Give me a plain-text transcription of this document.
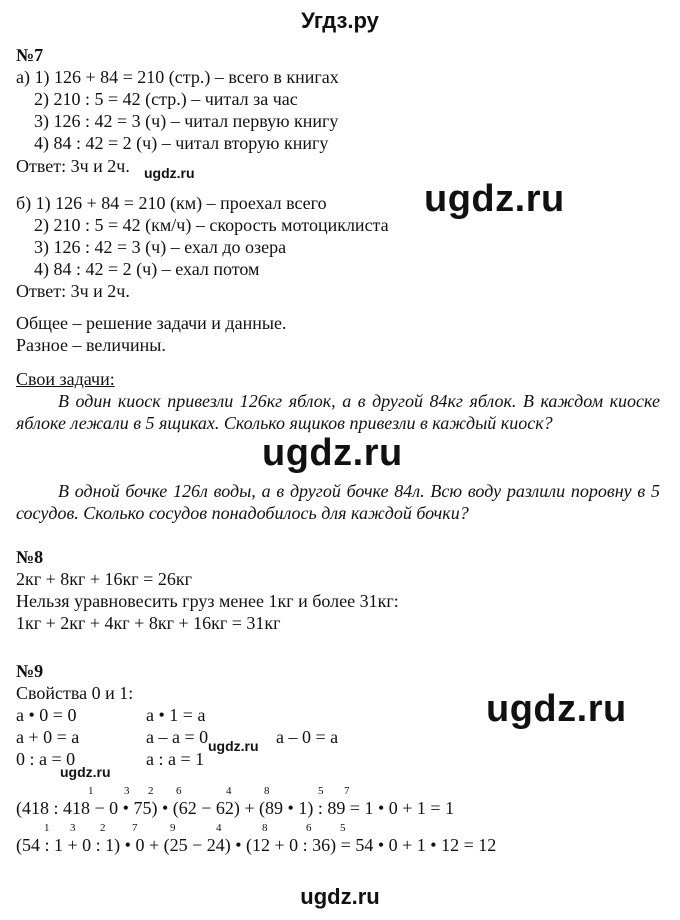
Угдз.ру
№7
а) 1) 126 + 84 = 210 (стр.) – всего в книгах
2) 210 : 5 = 42 (стр.) – читал за час
3) 126 : 42 = 3 (ч) – читал первую книгу
4) 84 : 42 = 2 (ч) – читал вторую книгу
Ответ: 3ч и 2ч.
б) 1) 126 + 84 = 210 (км) – проехал всего
2) 210 : 5 = 42 (км/ч) – скорость мотоциклиста
3) 126 : 42 = 3 (ч) – ехал до озера
4) 84 : 42 = 2 (ч) – ехал потом
Ответ: 3ч и 2ч.
Общее – решение задачи и данные.
Разное – величины.
Свои задачи:
В один киоск привезли 126кг яблок, а в другой 84кг яблок. В каждом киоске яблоке лежали в 5 ящиках. Сколько ящиков привезли в каждый киоск?
В одной бочке 126л воды, а в другой бочке 84л. Всю воду разлили поровну в 5 сосудов. Сколько сосудов понадобилось для каждой бочки?
№8
2кг + 8кг + 16кг = 26кг
Нельзя уравновесить груз менее 1кг и более 31кг:
1кг + 2кг + 4кг + 8кг + 16кг = 31кг
№9
Свойства 0 и 1:
a • 0 = 0	a • 1 = a
a + 0 = a	a – a = 0	a – 0 = a
0 : a = 0	a : a = 1
1	3 2 6	4	8	5 7
(418 : 418 − 0 • 75) • (62 − 62) + (89 • 1) : 89 = 1 • 0 + 1 = 1
1 3 2 7	9	4	8	6	5
(54 : 1 + 0 : 1) • 0 + (25 − 24) • (12 + 0 : 36) = 54 • 0 + 1 • 12 = 12
ugdz.ru
ugdz.ru
ugdz.ru
ugdz.ru
ugdz.ru
ugdz.ru
ugdz.ru
